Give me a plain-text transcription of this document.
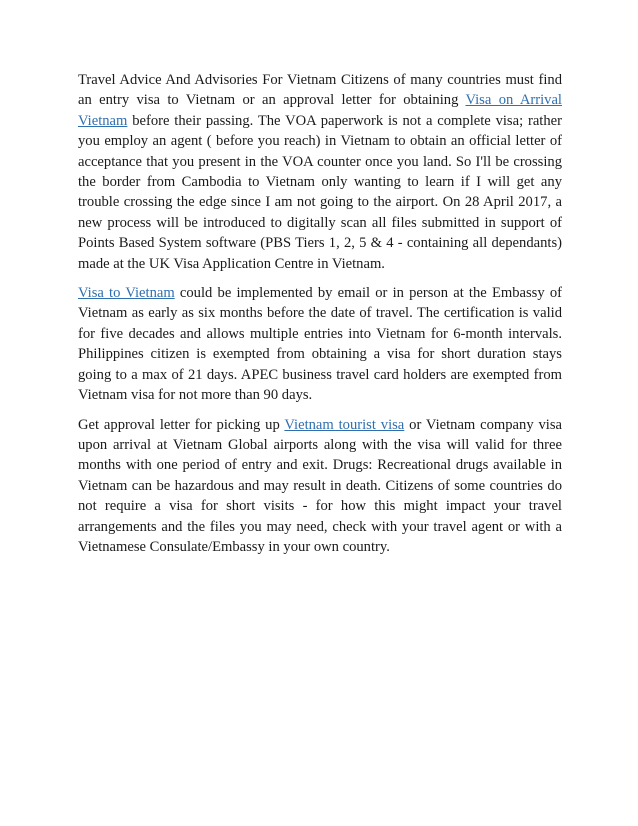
Travel Advice And Advisories For Vietnam Citizens of many countries must find an entry visa to Vietnam or an approval letter for obtaining Visa on Arrival Vietnam before their passing. The VOA paperwork is not a complete visa; rather you employ an agent ( before you reach) in Vietnam to obtain an official letter of acceptance that you present in the VOA counter once you land. So I'll be crossing the border from Cambodia to Vietnam only wanting to learn if I will get any trouble crossing the edge since I am not going to the airport. On 28 April 2017, a new process will be introduced to digitally scan all files submitted in support of Points Based System software (PBS Tiers 1, 2, 5 & 4 - containing all dependants) made at the UK Visa Application Centre in Vietnam.

Visa to Vietnam could be implemented by email or in person at the Embassy of Vietnam as early as six months before the date of travel. The certification is valid for five decades and allows multiple entries into Vietnam for 6-month intervals. Philippines citizen is exempted from obtaining a visa for short duration stays going to a max of 21 days. APEC business travel card holders are exempted from Vietnam visa for not more than 90 days.

Get approval letter for picking up Vietnam tourist visa or Vietnam company visa upon arrival at Vietnam Global airports along with the visa will valid for three months with one period of entry and exit. Drugs: Recreational drugs available in Vietnam can be hazardous and may result in death. Citizens of some countries do not require a visa for short visits - for how this might impact your travel arrangements and the files you may need, check with your travel agent or with a Vietnamese Consulate/Embassy in your own country.
